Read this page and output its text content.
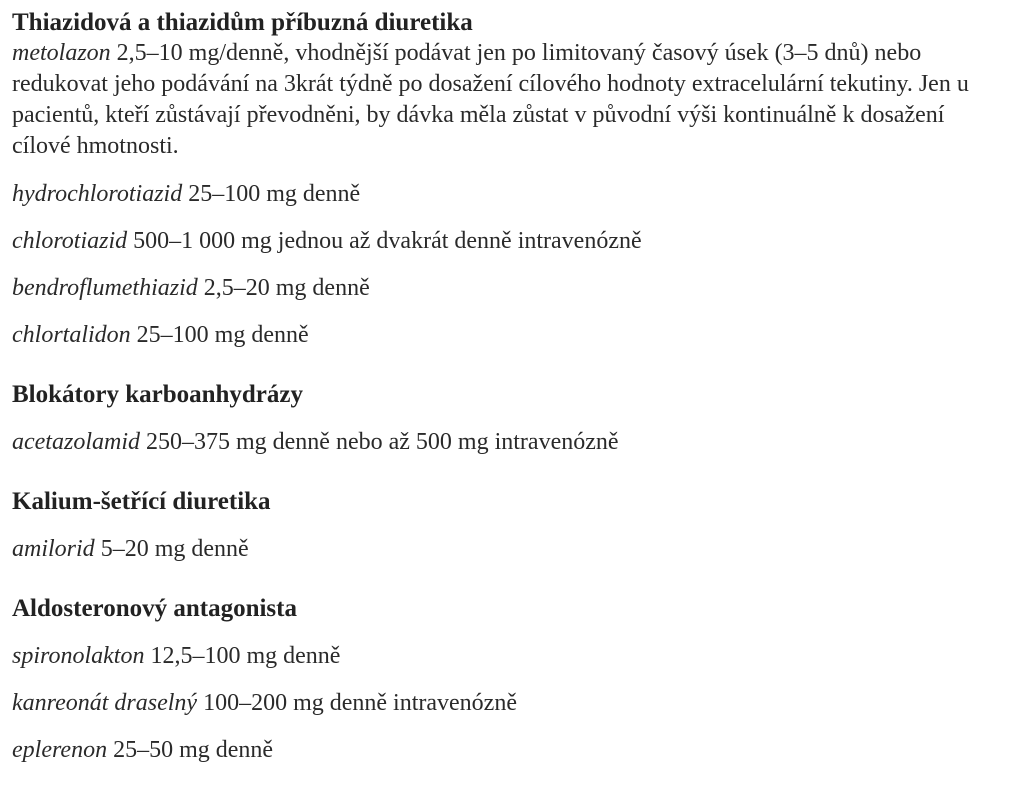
Thiazidová a thiazidům příbuzná diuretika

metolazon 2,5–10 mg/denně, vhodnější podávat jen po limitovaný časový úsek (3–5 dnů) nebo redukovat jeho podávání na 3krát týdně po dosažení cílového hodnoty extracelulární tekutiny. Jen u pacientů, kteří zůstávají převodněni, by dávka měla zůstat v původní výši kontinuálně k dosažení cílové hmotnosti.

hydrochlorotiazid 25–100 mg denně

chlorotiazid 500–1 000 mg jednou až dvakrát denně intravenózně

bendroflumethiazid 2,5–20 mg denně

chlortalidon 25–100 mg denně

Blokátory karboanhydrázy

acetazolamid 250–375 mg denně nebo až 500 mg intravenózně

Kalium-šetřící diuretika

amilorid 5–20 mg denně

Aldosteronový antagonista

spironolakton 12,5–100 mg denně

kanreonát draselný 100–200 mg denně intravenózně

eplerenon 25–50 mg denně
